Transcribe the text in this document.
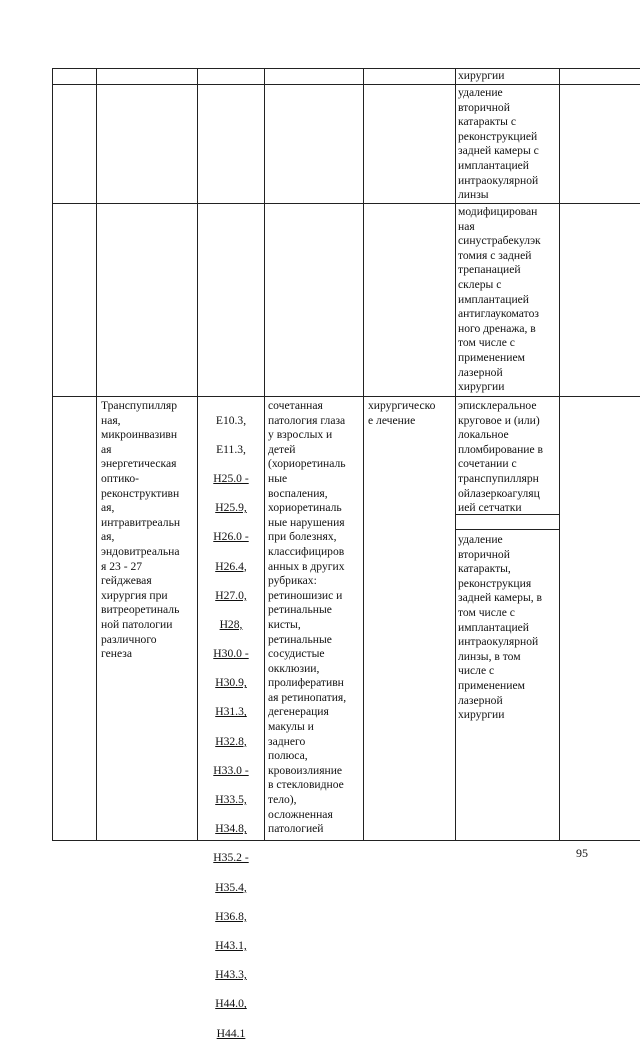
хирургии
удаление
вторичной
катаракты с
реконструкцией
задней камеры с
имплантацией
интраокулярной
линзы
модифицирован
ная
синустрабекулэк
томия с задней
трепанацией
склеры с
имплантацией
антиглаукоматоз
ного дренажа, в
том числе с
применением
лазерной
хирургии
Транспупилляр
ная,
микроинвазивн
ая
энергетическая
оптико-
реконструктивн
ая,
интравитреальн
ая,
эндовитреальна
я 23 - 27
гейджевая
хирургия при
витреоретиналь
ной патологии
различного
генеза

E10.3,

E11.3,

H25.0 -

H25.9,

H26.0 -

H26.4,

H27.0,

H28,

H30.0 -

H30.9,

H31.3,

H32.8,

H33.0 -

H33.5,

H34.8,

H35.2 -

H35.4,

H36.8,

H43.1,

H43.3,

H44.0,

H44.1

сочетанная
патология глаза
у взрослых и
детей
(хориоретиналь
ные
воспаления,
хориоретиналь
ные нарушения
при болезнях,
классифициров
анных в других
рубриках:
ретиношизис и
ретинальные
кисты,
ретинальные
сосудистые
окклюзии,
пролиферативн
ая ретинопатия,
дегенерация
макулы и
заднего
полюса,
кровоизлияние
в стекловидное
тело),
осложненная
патологией
хирургическо
е лечение
эписклеральное
круговое и (или)
локальное
пломбирование в
сочетании с
транспупиллярн
ойлазеркоагуляц
ией сетчатки
удаление
вторичной
катаракты,
реконструкция
задней камеры, в
том числе с
имплантацией
интраокулярной
линзы, в том
числе с
применением
лазерной
хирургии
95
